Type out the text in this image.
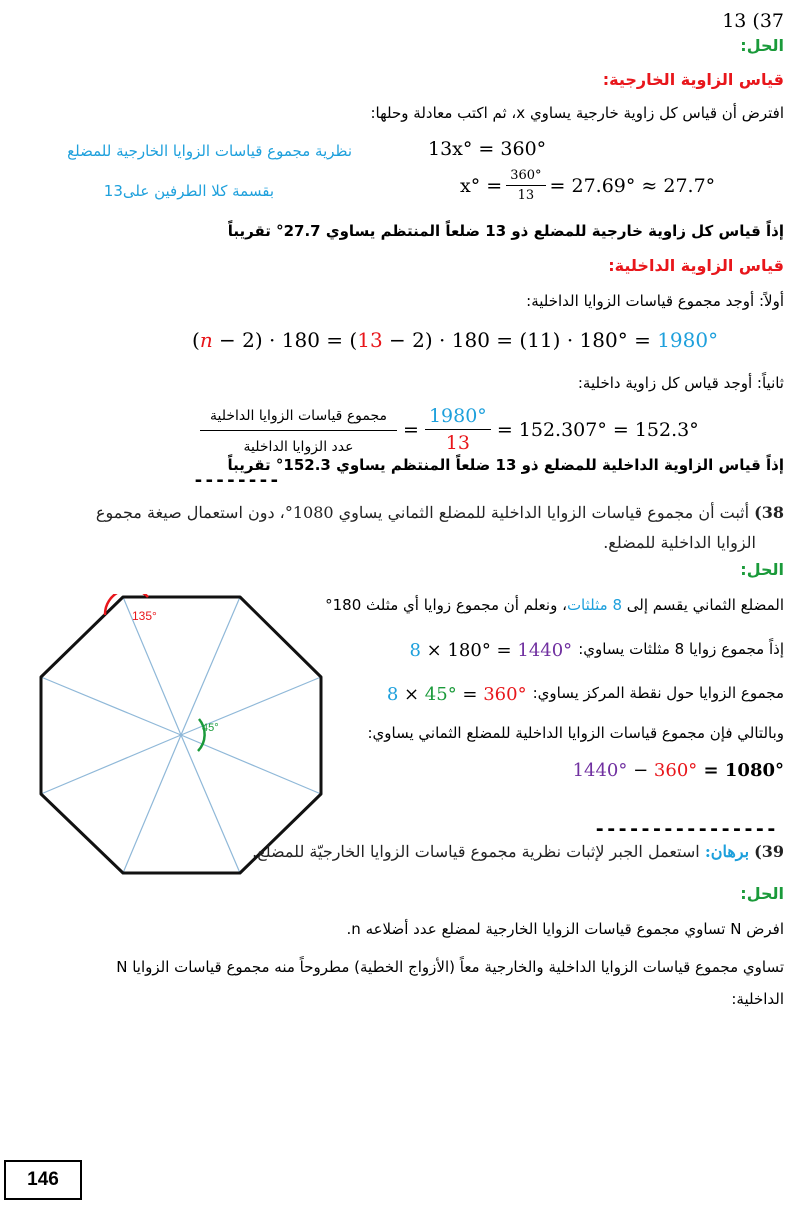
13 (37
الحل:
قياس الزاوية الخارجية:
افترض أن قياس كل زاوية خارجية يساوي x، ثم اكتب معادلة وحلها:
نظرية مجموع قياسات الزوايا الخارجية للمضلع	13x° = 360°
بقسمة كلا الطرفين على13	$x^\circ = \frac{360^\circ}{13} = 27.69^\circ \approx 27.7^\circ$
إذاً قياس كل زاوية خارجية للمضلع ذو 13 ضلعاً المنتظم يساوي 27.7° تقريباً
قياس الزاوية الداخلية:
أولاً: أوجد مجموع قياسات الزوايا الداخلية:
(n − 2) · 180 = (13 − 2) · 180 = (11) · 180° = 1980°
ثانياً: أوجد قياس كل زاوية داخلية:
$\frac{\text{مجموع قياسات الزوايا الداخلية}}{\text{عدد الزوايا الداخلية}} = \frac{1980^\circ}{13} = 152.307^\circ = 152.3^\circ$
إذاً قياس الزاوية الداخلية للمضلع ذو 13 ضلعاً المنتظم يساوي 152.3° تقريباً
--------
38) أثبت أن مجموع قياسات الزوايا الداخلية للمضلع الثماني يساوي 1080°، دون استعمال صيغة مجموع
الزوايا الداخلية للمضلع.
الحل:
المضلع الثماني يقسم إلى 8 مثلثات، ونعلم أن مجموع زوايا أي مثلث 180°
إذاً مجموع زوايا 8 مثلثات يساوي:
8 × 180° = 1440°
مجموع الزوايا حول نقطة المركز يساوي:
8 × 45° = 360°
وبالتالي فإن مجموع قياسات الزوايا الداخلية للمضلع الثماني يساوي:
1440° − 360° = 1080°
135°
45°
----------------
39) برهان: استعمل الجبر لإثبات نظرية مجموع قياسات الزوايا الخارجيّة للمضلع.
الحل:
افرض N تساوي مجموع قياسات الزوايا الخارجية لمضلع عدد أضلاعه n.
N تساوي مجموع قياسات الزوايا الداخلية والخارجية معاً (الأزواج الخطية) مطروحاً منه مجموع قياسات الزوايا
الداخلية:
146
